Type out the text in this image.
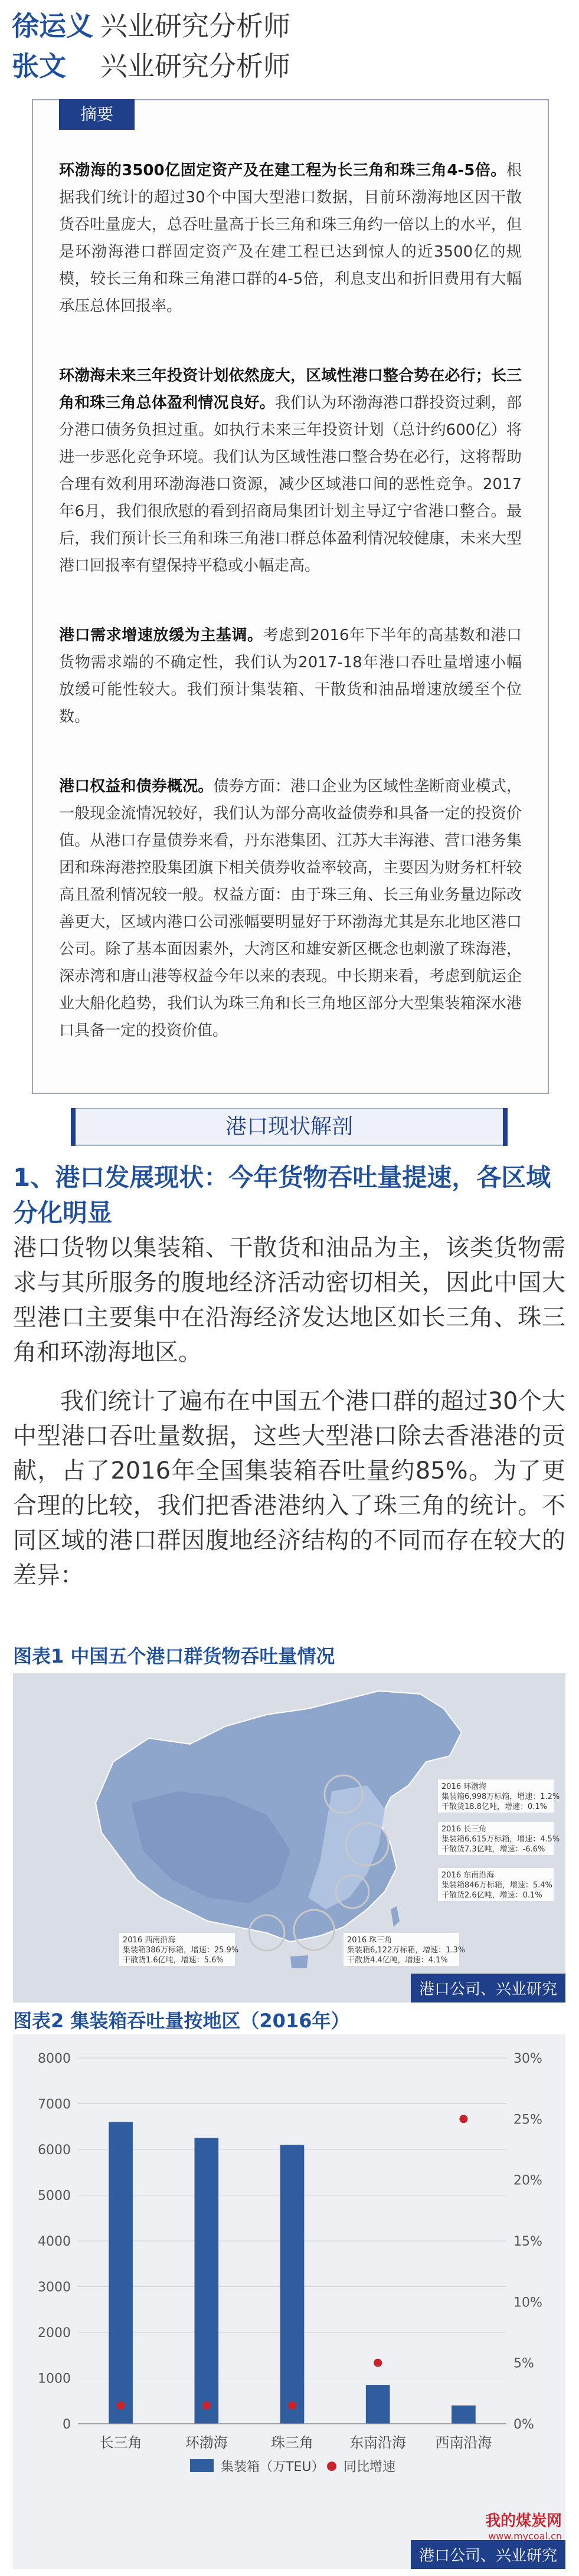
徐运义 兴业研究分析师
张文 兴业研究分析师
摘要

环渤海的3500亿固定资产及在建工程为长三角和珠三角4-5倍。根据我们统计的超过30个中国大型港口数据，目前环渤海地区因干散货吞吐量庞大，总吞吐量高于长三角和珠三角约一倍以上的水平，但是环渤海港口群固定资产及在建工程已达到惊人的近3500亿的规模，较长三角和珠三角港口群的4-5倍，利息支出和折旧费用有大幅承压总体回报率。

环渤海未来三年投资计划依然庞大，区域性港口整合势在必行；长三角和珠三角总体盈利情况良好。我们认为环渤海港口群投资过剩，部分港口债务负担过重。如执行未来三年投资计划（总计约600亿）将进一步恶化竞争环境。我们认为区域性港口整合势在必行，这将帮助合理有效利用环渤海港口资源，减少区域港口间的恶性竞争。2017年6月，我们很欣慰的看到招商局集团计划主导辽宁省港口整合。最后，我们预计长三角和珠三角港口群总体盈利情况较健康，未来大型港口回报率有望保持平稳或小幅走高。

港口需求增速放缓为主基调。考虑到2016年下半年的高基数和港口货物需求端的不确定性，我们认为2017-18年港口吞吐量增速小幅放缓可能性较大。我们预计集装箱、干散货和油品增速放缓至个位数。

港口权益和债券概况。债券方面：港口企业为区域性垄断商业模式，一般现金流情况较好，我们认为部分高收益债券和具备一定的投资价值。从港口存量债券来看，丹东港集团、江苏大丰海港、营口港务集团和珠海港控股集团旗下相关债券收益率较高，主要因为财务杠杆较高且盈利情况较一般。权益方面：由于珠三角、长三角业务量边际改善更大，区域内港口公司涨幅要明显好于环渤海尤其是东北地区港口公司。除了基本面因素外，大湾区和雄安新区概念也刺激了珠海港，深赤湾和唐山港等权益今年以来的表现。中长期来看，考虑到航运企业大船化趋势，我们认为珠三角和长三角地区部分大型集装箱深水港口具备一定的投资价值。

港口现状解剖
1、港口发展现状：今年货物吞吐量提速，各区域分化明显
港口货物以集装箱、干散货和油品为主，该类货物需求与其所服务的腹地经济活动密切相关，因此中国大型港口主要集中在沿海经济发达地区如长三角、珠三角和环渤海地区。
我们统计了遍布在中国五个港口群的超过30个大中型港口吞吐量数据，这些大型港口除去香港港的贡献，占了2016年全国集装箱吞吐量约85%。为了更合理的比较，我们把香港港纳入了珠三角的统计。不同区域的港口群因腹地经济结构的不同而存在较大的差异：
图表1 中国五个港口群货物吞吐量情况
2016 环渤海
集装箱6,998万标箱，增速：1.2%
干散货18.8亿吨，增速：0.1%
2016 长三角
集装箱6,615万标箱，增速：4.5%
干散货7.3亿吨，增速：-6.6%
2016 东南沿海
集装箱846万标箱，增速：5.4%
干散货2.6亿吨，增速：0.1%
2016 珠三角
集装箱6,122万标箱，增速：1.3%
干散货4.4亿吨，增速：4.1%
2016 西南沿海
集装箱386万标箱，增速：25.9%
干散货1.6亿吨，增速：5.6%
港口公司、兴业研究
图表2 集装箱吞吐量按地区（2016年）
0
1000
2000
3000
4000
5000
6000
7000
8000
0%
5%
10%
15%
20%
25%
30%
长三角	环渤海	珠三角	东南沿海 西南沿海
集装箱（万TEU） 同比增速
港口公司、兴业研究
我的煤炭网
www.mycoal.cn
